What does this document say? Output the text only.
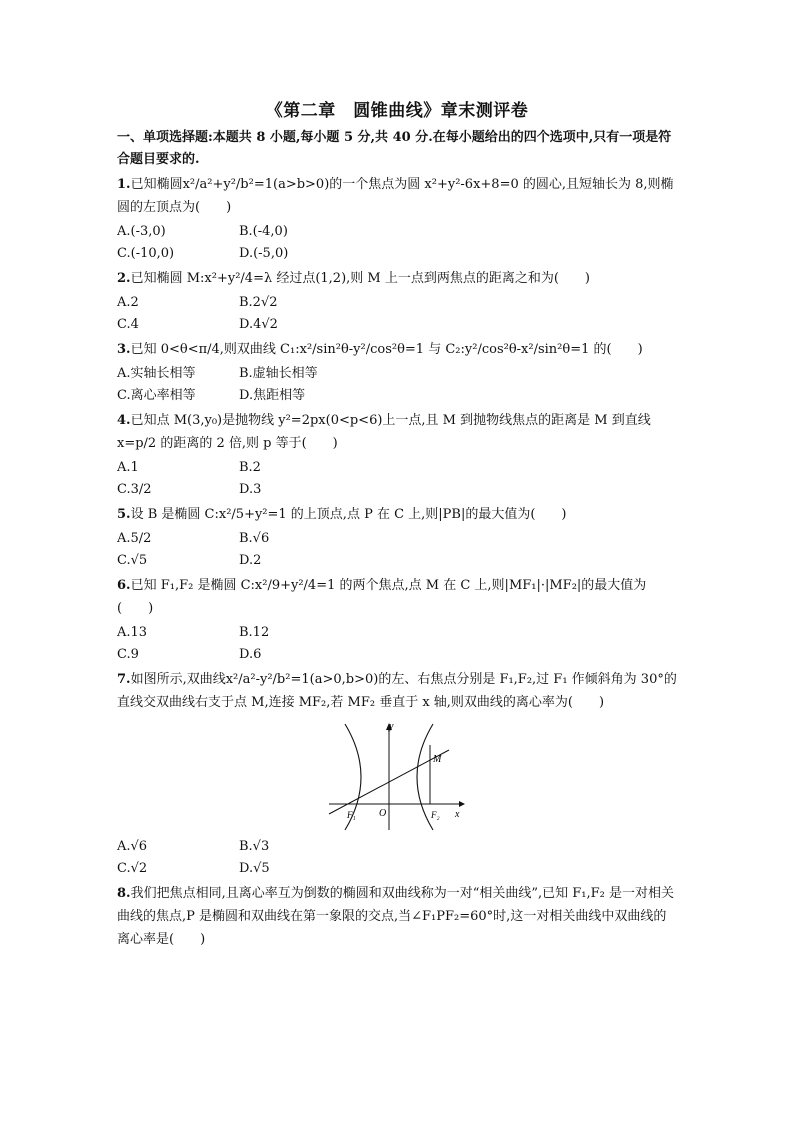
《第二章　圆锥曲线》章末测评卷
一、单项选择题:本题共 8 小题,每小题 5 分,共 40 分.在每小题给出的四个选项中,只有一项是符合题目要求的.
1.已知椭圆x²/a²+y²/b²=1(a>b>0)的一个焦点为圆 x²+y²-6x+8=0 的圆心,且短轴长为 8,则椭圆的左顶点为(　　)
A.(-3,0)	B.(-4,0)
C.(-10,0)	D.(-5,0)
2.已知椭圆 M:x²+y²/4=λ 经过点(1,2),则 M 上一点到两焦点的距离之和为(　　)
A.2	B.2√2
C.4	D.4√2
3.已知 0<θ<π/4,则双曲线 C₁:x²/sin²θ-y²/cos²θ=1 与 C₂:y²/cos²θ-x²/sin²θ=1 的(　　)
A.实轴长相等	B.虚轴长相等
C.离心率相等	D.焦距相等
4.已知点 M(3,y₀)是抛物线 y²=2px(0<p<6)上一点,且 M 到抛物线焦点的距离是 M 到直线 x=p/2 的距离的 2 倍,则 p 等于(　　)
A.1	B.2
C.3/2	D.3
5.设 B 是椭圆 C:x²/5+y²=1 的上顶点,点 P 在 C 上,则|PB|的最大值为(　　)
A.5/2	B.√6
C.√5	D.2
6.已知 F₁,F₂ 是椭圆 C:x²/9+y²/4=1 的两个焦点,点 M 在 C 上,则|MF₁|·|MF₂|的最大值为(　　)
A.13	B.12
C.9	D.6
7.如图所示,双曲线x²/a²-y²/b²=1(a>0,b>0)的左、右焦点分别是 F₁,F₂,过 F₁ 作倾斜角为 30°的直线交双曲线右支于点 M,连接 MF₂,若 MF₂ 垂直于 x 轴,则双曲线的离心率为(　　)
y
x
O
F₁	F₂
M
A.√6	B.√3
C.√2	D.√5
8.我们把焦点相同,且离心率互为倒数的椭圆和双曲线称为一对“相关曲线”,已知 F₁,F₂ 是一对相关曲线的焦点,P 是椭圆和双曲线在第一象限的交点,当∠F₁PF₂=60°时,这一对相关曲线中双曲线的离心率是(　　)
